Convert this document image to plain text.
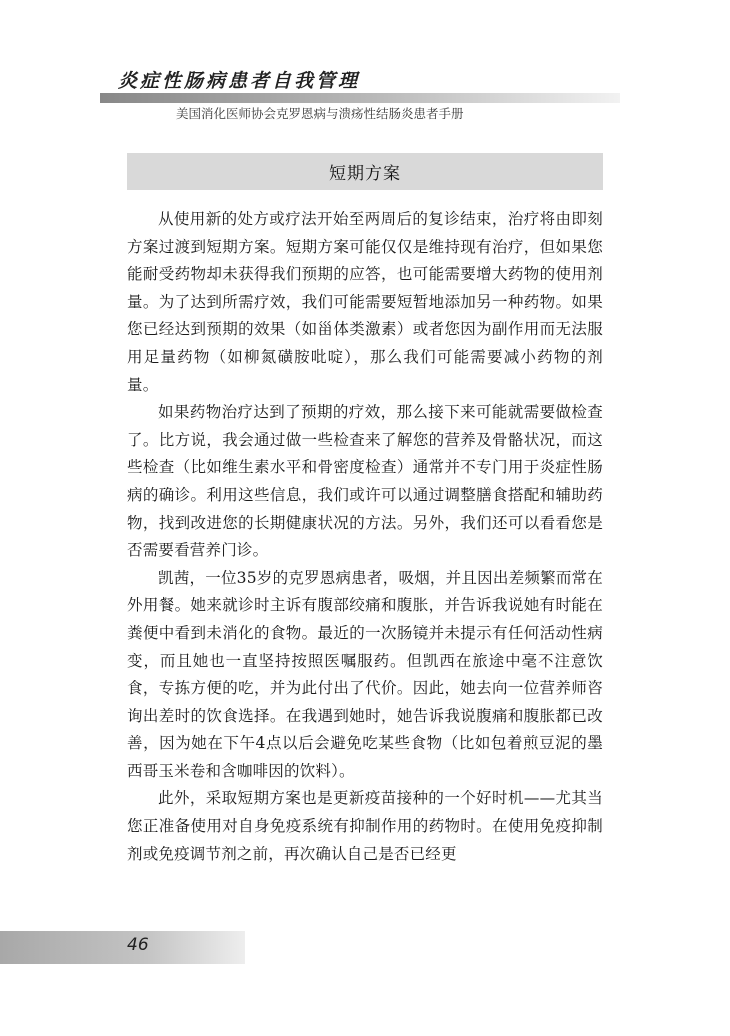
炎症性肠病患者自我管理
美国消化医师协会克罗恩病与溃疡性结肠炎患者手册
短期方案

从使用新的处方或疗法开始至两周后的复诊结束，治疗将由即刻方案过渡到短期方案。短期方案可能仅仅是维持现有治疗，但如果您能耐受药物却未获得我们预期的应答，也可能需要增大药物的使用剂量。为了达到所需疗效，我们可能需要短暂地添加另一种药物。如果您已经达到预期的效果（如甾体类激素）或者您因为副作用而无法服用足量药物（如柳氮磺胺吡啶），那么我们可能需要减小药物的剂量。

如果药物治疗达到了预期的疗效，那么接下来可能就需要做检查了。比方说，我会通过做一些检查来了解您的营养及骨骼状况，而这些检查（比如维生素水平和骨密度检查）通常并不专门用于炎症性肠病的确诊。利用这些信息，我们或许可以通过调整膳食搭配和辅助药物，找到改进您的长期健康状况的方法。另外，我们还可以看看您是否需要看营养门诊。

凯茜，一位35岁的克罗恩病患者，吸烟，并且因出差频繁而常在外用餐。她来就诊时主诉有腹部绞痛和腹胀，并告诉我说她有时能在粪便中看到未消化的食物。最近的一次肠镜并未提示有任何活动性病变，而且她也一直坚持按照医嘱服药。但凯西在旅途中毫不注意饮食，专拣方便的吃，并为此付出了代价。因此，她去向一位营养师咨询出差时的饮食选择。在我遇到她时，她告诉我说腹痛和腹胀都已改善，因为她在下午4点以后会避免吃某些食物（比如包着煎豆泥的墨西哥玉米卷和含咖啡因的饮料）。

此外，采取短期方案也是更新疫苗接种的一个好时机——尤其当您正准备使用对自身免疫系统有抑制作用的药物时。在使用免疫抑制剂或免疫调节剂之前，再次确认自己是否已经更

46
